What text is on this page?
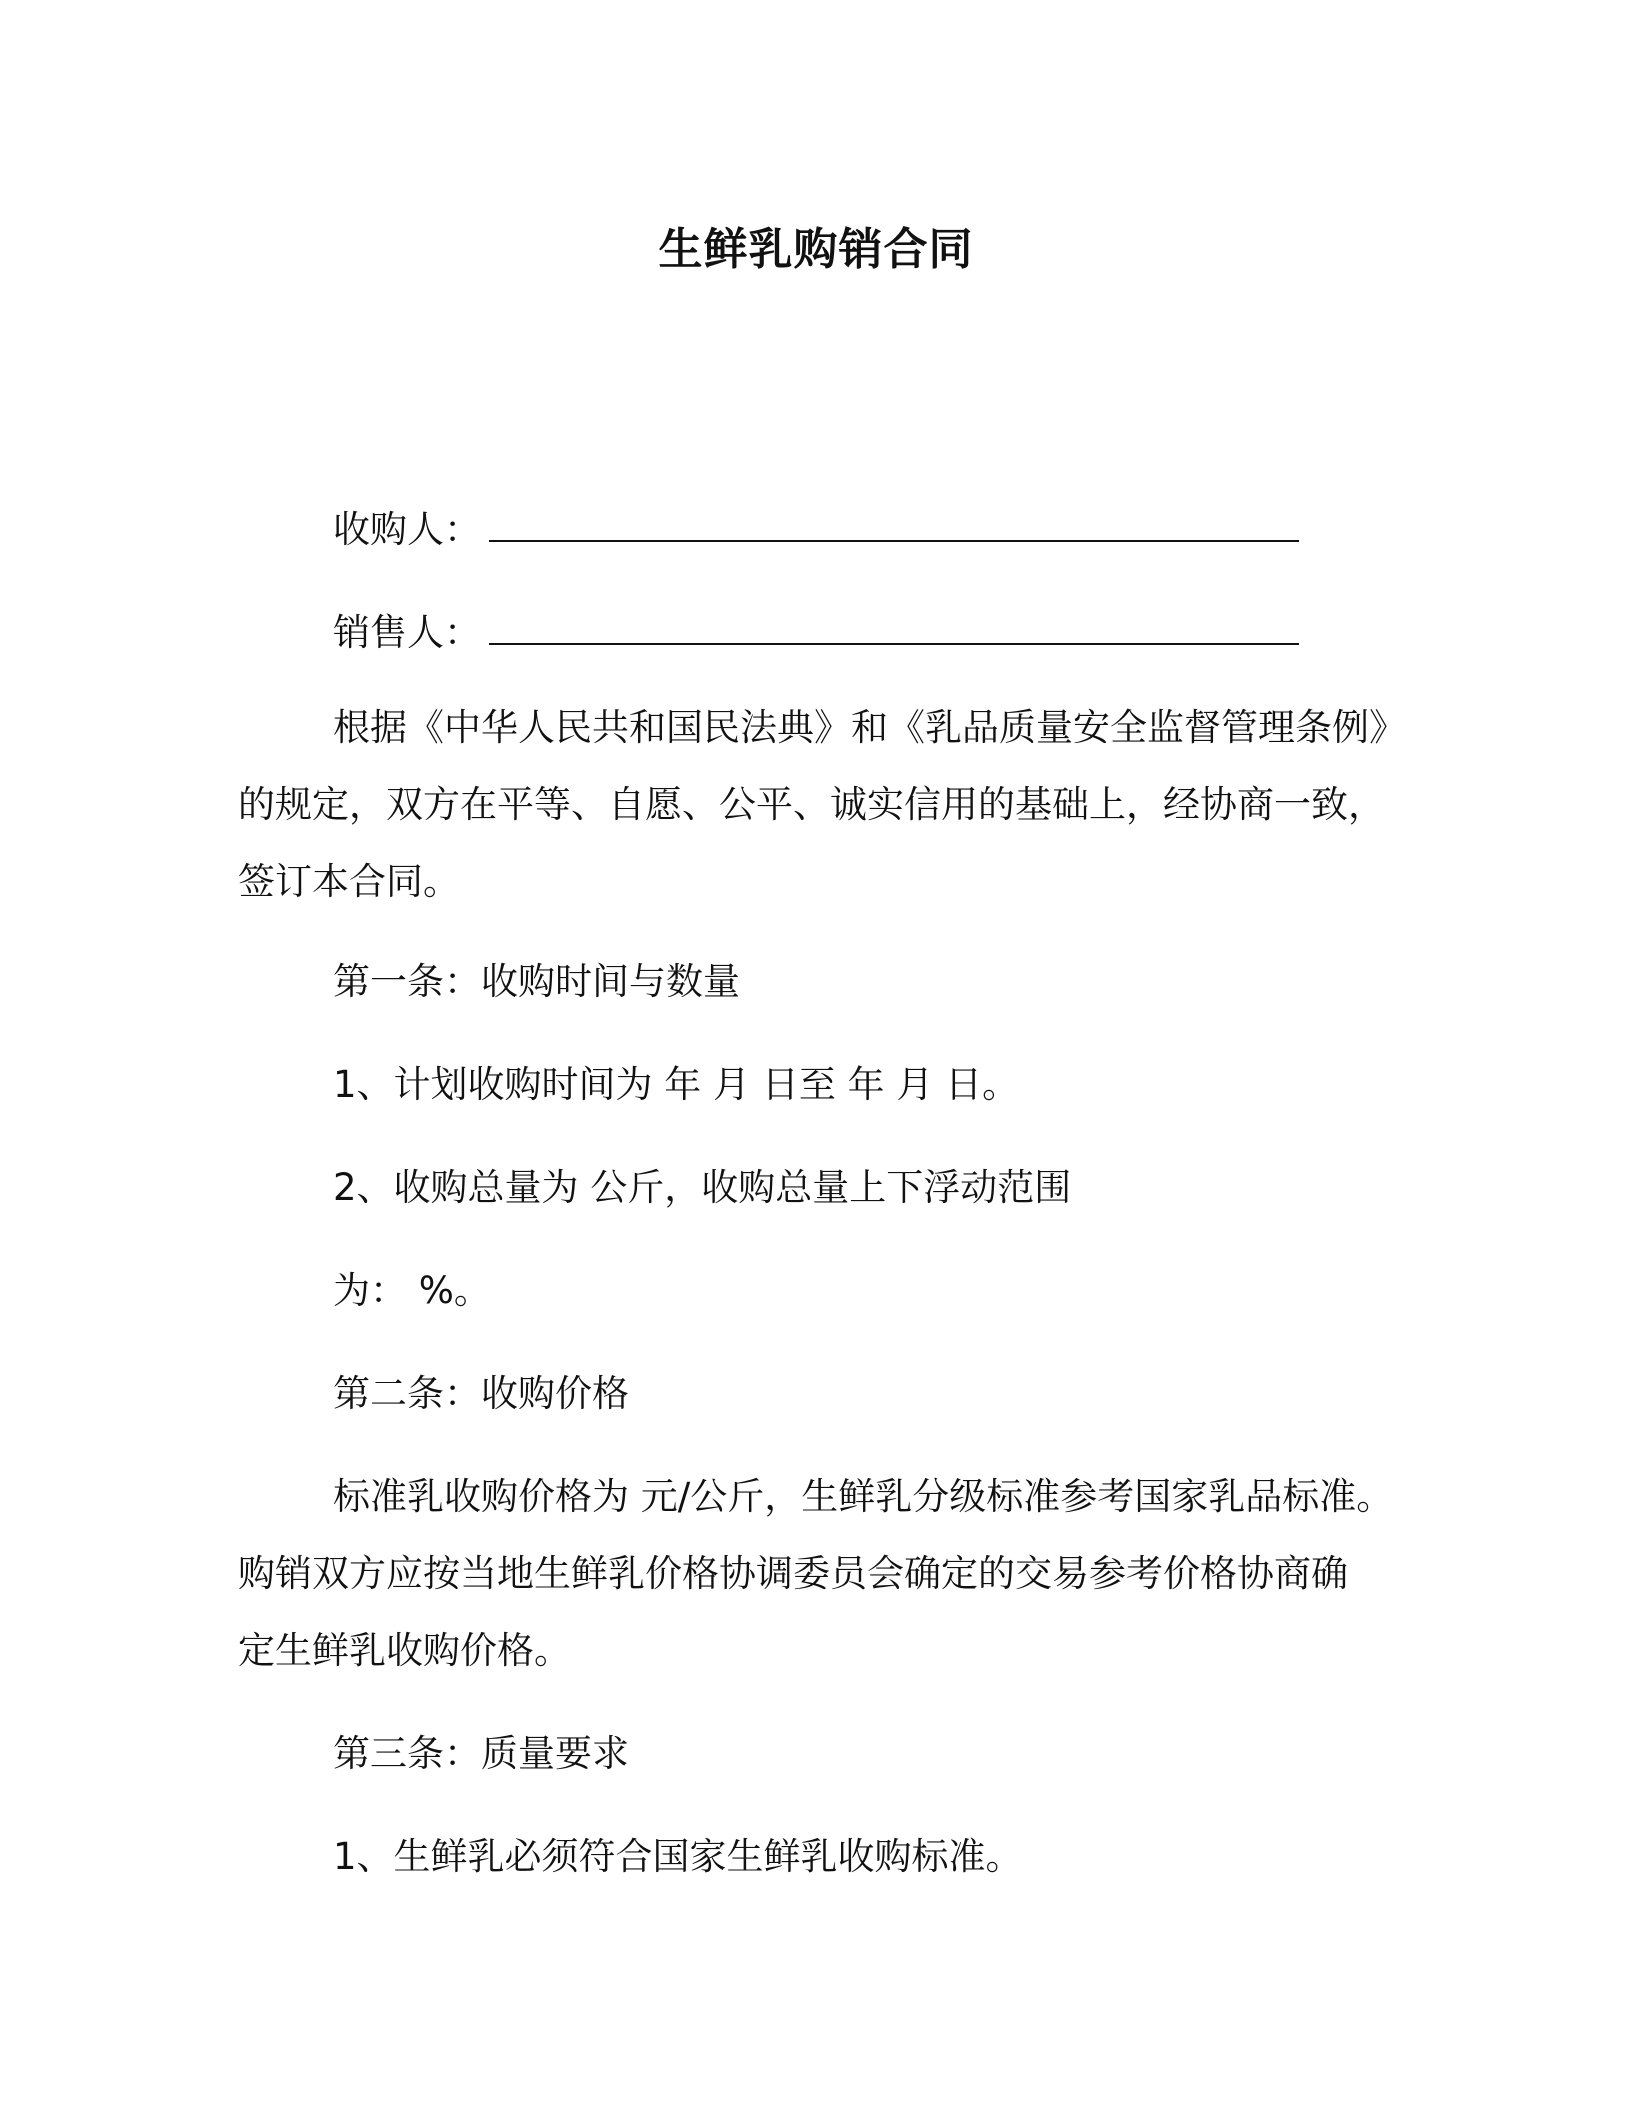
生鲜乳购销合同
收购人：
销售人：

根据《中华人民共和国民法典》和《乳品质量安全监督管理条例》

的规定，双方在平等、自愿、公平、诚实信用的基础上，经协商一致，

签订本合同。

第一条：收购时间与数量

1、计划收购时间为 年 月 日至 年 月 日。

2、收购总量为 公斤，收购总量上下浮动范围

为： %。

第二条：收购价格

标准乳收购价格为 元/公斤，生鲜乳分级标准参考国家乳品标准。

购销双方应按当地生鲜乳价格协调委员会确定的交易参考价格协商确

定生鲜乳收购价格。

第三条：质量要求

1、生鲜乳必须符合国家生鲜乳收购标准。
